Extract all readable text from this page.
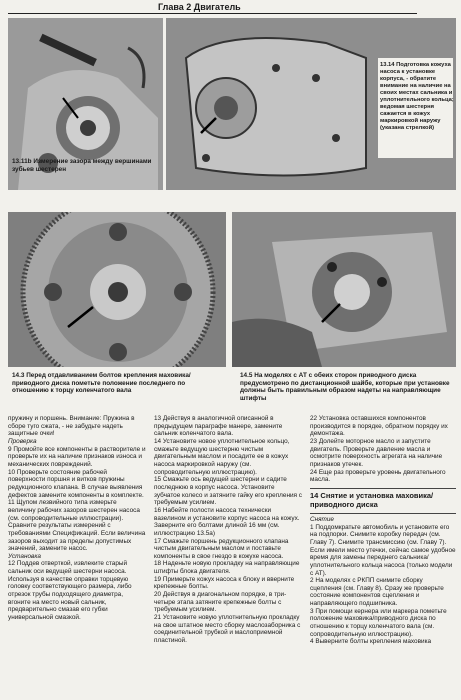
Глава 2 Двигатель
13.11b Измерение зазора между вершинами зубьев шестерен
13.14 Подготовка кожуха насоса к установке корпуса, - обратите внимание на наличие на своих местах сальника и уплотнительного кольца; ведомая шестерня сажается в кожух маркировкой наружу (указана стрелкой)
14.3 Перед отдавливанием болтов крепления маховика/приводного диска пометьте положение последнего по отношению к торцу коленчатого вала
14.5 На моделях с АТ с обеих сторон приводного диска предусмотрено по дистанционной шайбе, которые при установке должны быть правильным образом надеты на направляющие штифты

пружину и поршень. Внимание: Пружина в сборе туго сжата, - не забудьте надеть защитные очки!

Проверка

9 Промойте все компоненты в растворителе и проверьте их на наличие признаков износа и механических повреждений.

10 Проверьте состояние рабочей поверхности поршня и витков пружины редукционного клапана. В случае выявления дефектов замените компоненты в комплекте.

11 Щупом лезвийного типа измерьте величину рабочих зазоров шестерен насоса (см. сопроводительные иллюстрации). Сравните результаты измерений с требованиями Спецификаций. Если величина зазоров выходит за пределы допустимых значений, замените насос.

Установка

12 Поддев отверткой, извлеките старый сальник оси ведущей шестерни насоса. Используя в качестве оправки торцевую головку соответствующего размера, либо отрезок трубы подходящего диаметра, вгоните на место новый сальник, предварительно смазав его губки универсальной смазкой.

13 Действуя в аналогичной описанной в предыдущем параграфе манере, замените сальник коленчатого вала.

14 Установите новое уплотнительное кольцо, смажьте ведущую шестерню чистым двигательным маслом и посадите ее в кожух насоса маркировкой наружу (см. сопроводительную иллюстрацию).

15 Смажьте ось ведущей шестерни и садите последнюю в корпус насоса. Установите зубчатое колесо и затяните гайку его крепления с требуемым усилием.

16 Набейте полости насоса технически вазелином и установите корпус насоса на кожух. Заверните его болтами длиной 16 мм (см. иллюстрацию 13.5а)

17 Смажьте поршень редукционного клапана чистым двигательным маслом и поставьте компоненты в свое гнездо в кожухе насоса.

18 Наденьте новую прокладку на направляющие штифты блока двигателя.

19 Примерьте кожух насоса к блоку и вверните крепежные болты.

20 Действуя в диагональном порядке, в три-четыре этапа затяните крепежные болты с требуемым усилием.

21 Установите новую уплотнительную прокладку на свое штатное место сборку маслозаборника с соединительной трубкой и маслоприемной пластиной.

22 Установка оставшихся компонентов производится в порядке, обратном порядку их демонтажа.

23 Долейте моторное масло и запустите двигатель. Проверьте давление масла и осмотрите поверхность агрегата на наличие признаков утечек.

24 Еще раз проверьте уровень двигательного масла.

14 Снятие и установка маховика/приводного диска

Снятие

1 Поддомкратьте автомобиль и установите его на подпорки. Снимите коробку передач (см. Главу 7). Снимите трансмиссию (см. Главу 7). Если имели место утечки, сейчас самое удобное время для замены переднего сальника/уплотнительного кольца насоса (только модели с AT).

2 На моделях с РКПП снимите сборку сцепления (см. Главу 8). Сразу же проверьте состояние компонентов сцепления и направляющего подшипника.

3 При помощи кернера или маркера пометьте положение маховика/приводного диска по отношению к торцу коленчатого вала (см. сопроводительную иллюстрацию).

4 Выверните болты крепления маховика
